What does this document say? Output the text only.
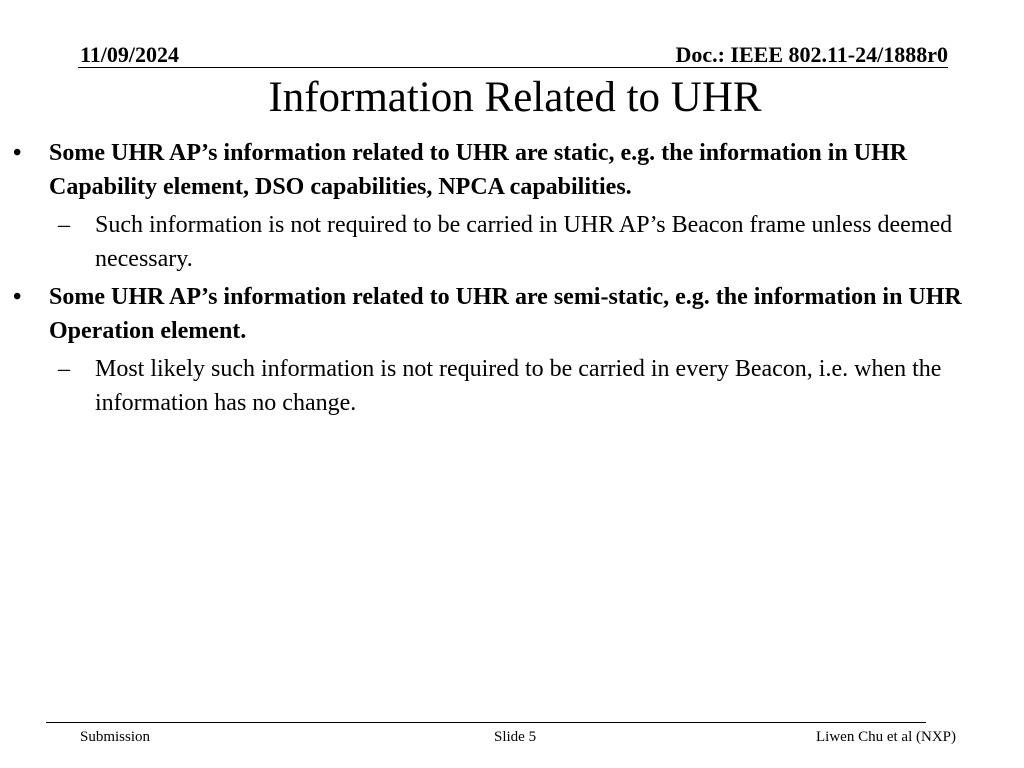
11/09/2024	Doc.: IEEE 802.11-24/1888r0
Information Related to UHR
• Some UHR AP’s information related to UHR are static, e.g. the information in UHR Capability element, DSO capabilities, NPCA capabilities.
– Such information is not required to be carried in UHR AP’s Beacon frame unless deemed necessary.
• Some UHR AP’s information related to UHR are semi-static, e.g. the information in UHR Operation element.
– Most likely such information is not required to be carried in every Beacon, i.e. when the information has no change.
Submission	Slide 5	Liwen Chu et al (NXP)
